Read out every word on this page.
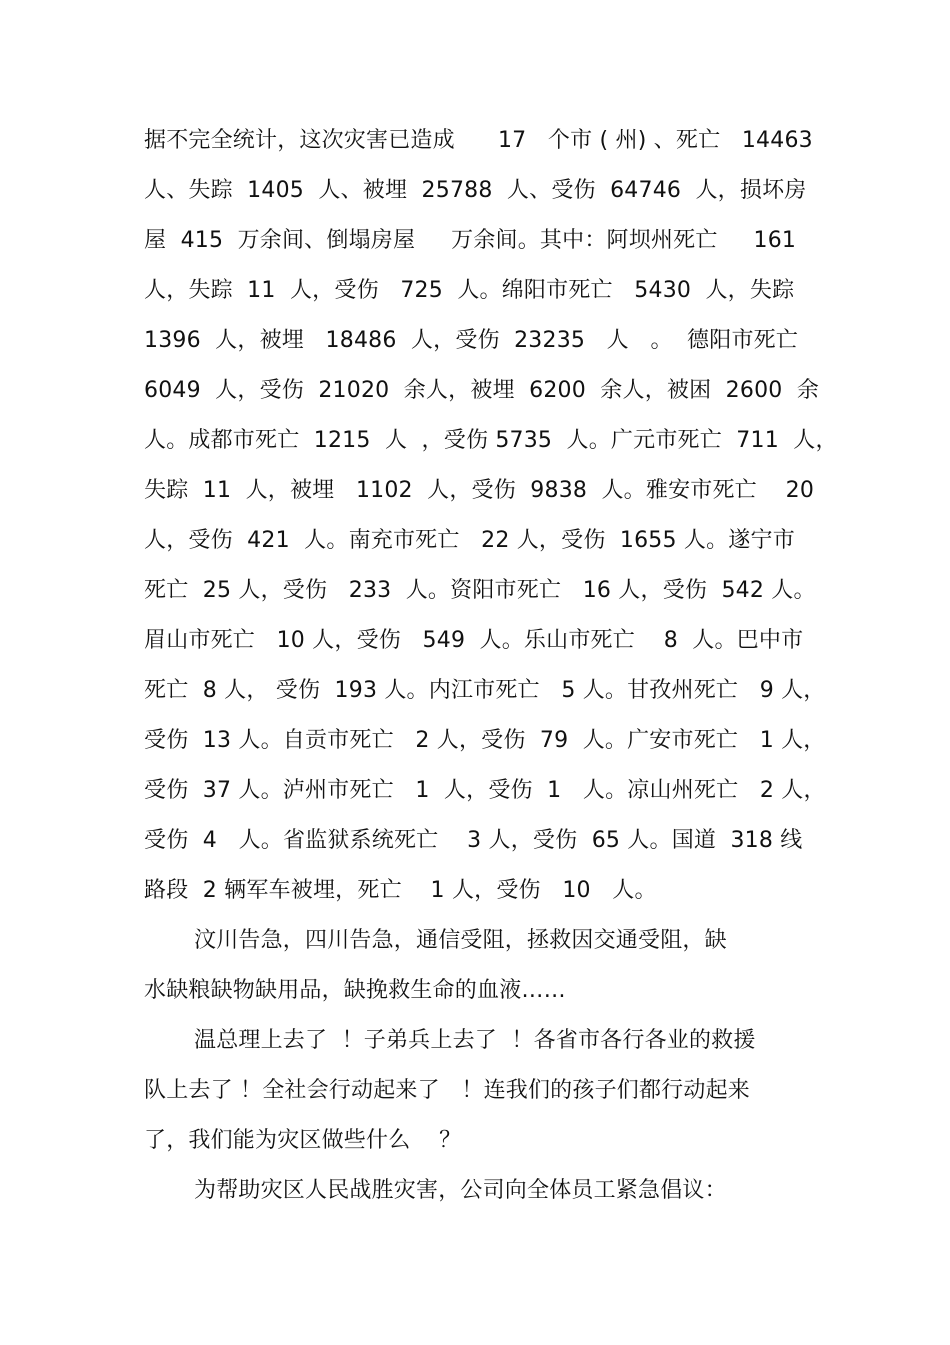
据不完全统计，这次灾害已造成      17   个市 ( 州) 、死亡   14463
人、失踪  1405  人、被埋  25788  人、受伤  64746  人，损坏房
屋  415  万余间、倒塌房屋     万余间。其中：阿坝州死亡     161
人，失踪  11  人，受伤   725  人。绵阳市死亡   5430  人，失踪
1396  人，被埋   18486  人，受伤  23235   人   。  德阳市死亡
6049  人，受伤  21020  余人，被埋  6200  余人，被困  2600  余
人。成都市死亡  1215  人  ，受伤 5735  人。广元市死亡  711  人，
失踪  11  人，被埋   1102  人，受伤  9838  人。雅安市死亡    20
人，受伤  421  人。南充市死亡   22 人，受伤  1655 人。遂宁市
死亡  25 人，受伤   233  人。资阳市死亡   16 人，受伤  542 人。
眉山市死亡   10 人，受伤   549  人。乐山市死亡    8  人。巴中市
死亡  8 人， 受伤  193 人。内江市死亡   5 人。甘孜州死亡   9 人，
受伤  13 人。自贡市死亡   2 人，受伤  79  人。广安市死亡   1 人，
受伤  37 人。泸州市死亡   1  人，受伤  1   人。凉山州死亡   2 人，
受伤  4   人。省监狱系统死亡    3 人，受伤  65 人。国道  318 线
路段  2 辆军车被埋，死亡    1 人，受伤   10   人。
汶川告急，四川告急，通信受阻，拯救因交通受阻，缺
水缺粮缺物缺用品，缺挽救生命的血液……
温总理上去了  ！子弟兵上去了  ！各省市各行各业的救援
队上去了 ！全社会行动起来了   ！连我们的孩子们都行动起来
了，我们能为灾区做些什么    ？
为帮助灾区人民战胜灾害，公司向全体员工紧急倡议：
